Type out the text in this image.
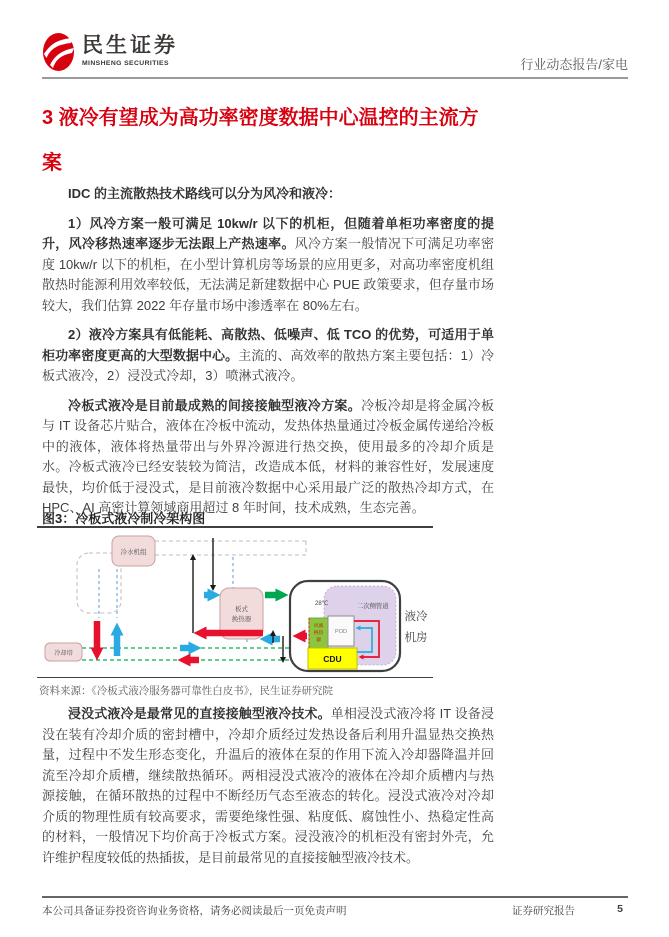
民生证券
MINSHENG SECURITIES	行业动态报告/家电
3 液冷有望成为高功率密度数据中心温控的主流方案

IDC 的主流散热技术路线可以分为风冷和液冷：

1）风冷方案一般可满足 10kw/r 以下的机柜，但随着单柜功率密度的提升，风冷移热速率逐步无法跟上产热速率。风冷方案一般情况下可满足功率密度 10kw/r 以下的机柜，在小型计算机房等场景的应用更多，对高功率密度机组散热时能源利用效率较低，无法满足新建数据中心 PUE 政策要求，但存量市场较大，我们估算 2022 年存量市场中渗透率在 80%左右。

2）液冷方案具有低能耗、高散热、低噪声、低 TCO 的优势，可适用于单柜功率密度更高的大型数据中心。主流的、高效率的散热方案主要包括：1）冷板式液冷，2）浸没式冷却，3）喷淋式液冷。

冷板式液冷是目前最成熟的间接接触型液冷方案。冷板冷却是将金属冷板与 IT 设备芯片贴合，液体在冷板中流动，发热体热量通过冷板金属传递给冷板中的液体，液体将热量带出与外界冷源进行热交换，使用最多的冷却介质是水。冷板式液冷已经安装较为简洁，改造成本低，材料的兼容性好，发展速度最快，均价低于浸没式，是目前液冷数据中心采用最广泛的散热冷却方式，在 HPC、AI 高密计算领域商用超过 8 年时间，技术成熟，生态完善。

图3：冷板式液冷制冷架构图
冷水机组
冷却塔
板式
换热器
二次侧管道
28℃
风液
换热
器
POD
CDU
液冷
机房
资料来源：《冷板式液冷服务器可靠性白皮书》，民生证券研究院

浸没式液冷是最常见的直接接触型液冷技术。单相浸没式液冷将 IT 设备浸没在装有冷却介质的密封槽中，冷却介质经过发热设备后利用升温显热交换热量，过程中不发生形态变化，升温后的液体在泵的作用下流入冷却器降温并回流至冷却介质槽，继续散热循环。两相浸没式液冷的液体在冷却介质槽内与热源接触，在循环散热的过程中不断经历气态至液态的转化。浸没式液冷对冷却介质的物理性质有较高要求，需要绝缘性强、粘度低、腐蚀性小、热稳定性高的材料，一般情况下均价高于冷板式方案。浸没液冷的机柜没有密封外壳，允许维护程度较低的热插拔，是目前最常见的直接接触型液冷技术。

本公司具备证券投资咨询业务资格，请务必阅读最后一页免责声明	证券研究报告	5
